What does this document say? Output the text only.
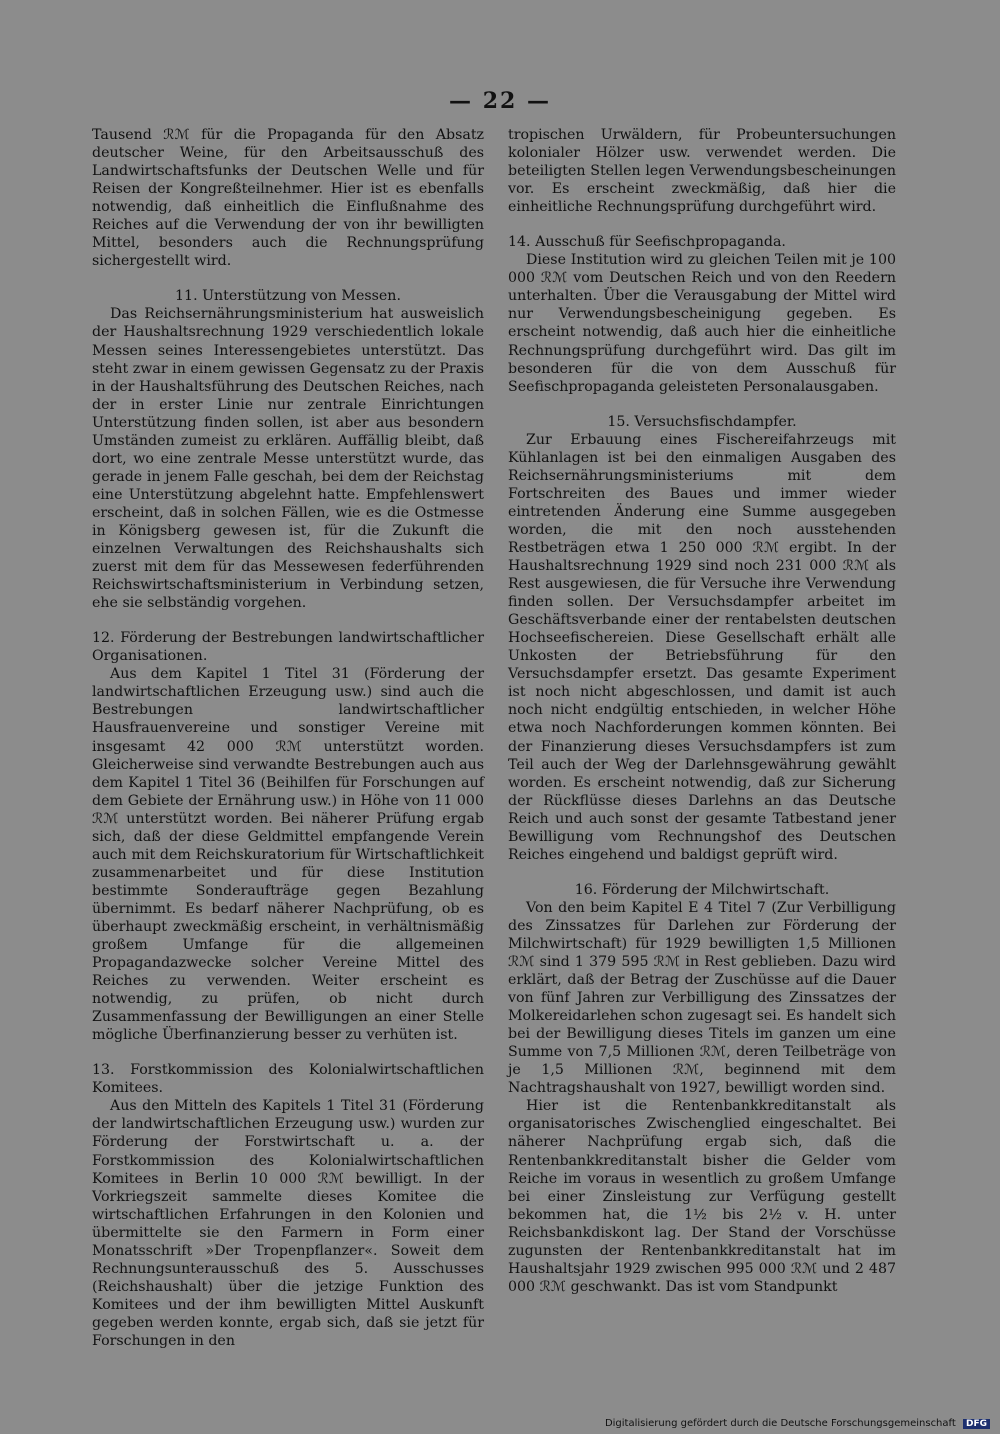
— 22 —

Tausend ℛℳ für die Propaganda für den Absatz deutscher Weine, für den Arbeitsausschuß des Landwirtschaftsfunks der Deutschen Welle und für Reisen der Kongreßteilnehmer. Hier ist es ebenfalls notwendig, daß einheitlich die Einflußnahme des Reiches auf die Verwendung der von ihr bewilligten Mittel, besonders auch die Rechnungsprüfung sichergestellt wird.

11. Unterstützung von Messen.

Das Reichsernährungsministerium hat ausweislich der Haushaltsrechnung 1929 verschiedentlich lokale Messen seines Interessengebietes unterstützt. Das steht zwar in einem gewissen Gegensatz zu der Praxis in der Haushaltsführung des Deutschen Reiches, nach der in erster Linie nur zentrale Einrichtungen Unterstützung finden sollen, ist aber aus besondern Umständen zumeist zu erklären. Auffällig bleibt, daß dort, wo eine zentrale Messe unterstützt wurde, das gerade in jenem Falle geschah, bei dem der Reichstag eine Unterstützung abgelehnt hatte. Empfehlenswert erscheint, daß in solchen Fällen, wie es die Ostmesse in Königsberg gewesen ist, für die Zukunft die einzelnen Verwaltungen des Reichshaushalts sich zuerst mit dem für das Messewesen federführenden Reichswirtschaftsministerium in Verbindung setzen, ehe sie selbständig vorgehen.

12. Förderung der Bestrebungen landwirtschaftlicher Organisationen.

Aus dem Kapitel 1 Titel 31 (Förderung der landwirtschaftlichen Erzeugung usw.) sind auch die Bestrebungen landwirtschaftlicher Hausfrauenvereine und sonstiger Vereine mit insgesamt 42 000 ℛℳ unterstützt worden. Gleicherweise sind verwandte Bestrebungen auch aus dem Kapitel 1 Titel 36 (Beihilfen für Forschungen auf dem Gebiete der Ernährung usw.) in Höhe von 11 000 ℛℳ unterstützt worden. Bei näherer Prüfung ergab sich, daß der diese Geldmittel empfangende Verein auch mit dem Reichskuratorium für Wirtschaftlichkeit zusammenarbeitet und für diese Institution bestimmte Sonderaufträge gegen Bezahlung übernimmt. Es bedarf näherer Nachprüfung, ob es überhaupt zweckmäßig erscheint, in verhältnismäßig großem Umfange für die allgemeinen Propagandazwecke solcher Vereine Mittel des Reiches zu verwenden. Weiter erscheint es notwendig, zu prüfen, ob nicht durch Zusammenfassung der Bewilligungen an einer Stelle mögliche Überfinanzierung besser zu verhüten ist.

13. Forstkommission des Kolonialwirtschaftlichen Komitees.

Aus den Mitteln des Kapitels 1 Titel 31 (Förderung der landwirtschaftlichen Erzeugung usw.) wurden zur Förderung der Forstwirtschaft u. a. der Forstkommission des Kolonialwirtschaftlichen Komitees in Berlin 10 000 ℛℳ bewilligt. In der Vorkriegszeit sammelte dieses Komitee die wirtschaftlichen Erfahrungen in den Kolonien und übermittelte sie den Farmern in Form einer Monatsschrift »Der Tropenpflanzer«. Soweit dem Rechnungsunterausschuß des 5. Ausschusses (Reichshaushalt) über die jetzige Funktion des Komitees und der ihm bewilligten Mittel Auskunft gegeben werden konnte, ergab sich, daß sie jetzt für Forschungen in den

tropischen Urwäldern, für Probeuntersuchungen kolonialer Hölzer usw. verwendet werden. Die beteiligten Stellen legen Verwendungsbescheinungen vor. Es erscheint zweckmäßig, daß hier die einheitliche Rechnungsprüfung durchgeführt wird.

14. Ausschuß für Seefischpropaganda.

Diese Institution wird zu gleichen Teilen mit je 100 000 ℛℳ vom Deutschen Reich und von den Reedern unterhalten. Über die Verausgabung der Mittel wird nur Verwendungsbescheinigung gegeben. Es erscheint notwendig, daß auch hier die einheitliche Rechnungsprüfung durchgeführt wird. Das gilt im besonderen für die von dem Ausschuß für Seefischpropaganda geleisteten Personalausgaben.

15. Versuchsfischdampfer.

Zur Erbauung eines Fischereifahrzeugs mit Kühlanlagen ist bei den einmaligen Ausgaben des Reichsernährungsministeriums mit dem Fortschreiten des Baues und immer wieder eintretenden Änderung eine Summe ausgegeben worden, die mit den noch ausstehenden Restbeträgen etwa 1 250 000 ℛℳ ergibt. In der Haushaltsrechnung 1929 sind noch 231 000 ℛℳ als Rest ausgewiesen, die für Versuche ihre Verwendung finden sollen. Der Versuchsdampfer arbeitet im Geschäftsverbande einer der rentabelsten deutschen Hochseefischereien. Diese Gesellschaft erhält alle Unkosten der Betriebsführung für den Versuchsdampfer ersetzt. Das gesamte Experiment ist noch nicht abgeschlossen, und damit ist auch noch nicht endgültig entschieden, in welcher Höhe etwa noch Nachforderungen kommen könnten. Bei der Finanzierung dieses Versuchsdampfers ist zum Teil auch der Weg der Darlehnsgewährung gewählt worden. Es erscheint notwendig, daß zur Sicherung der Rückflüsse dieses Darlehns an das Deutsche Reich und auch sonst der gesamte Tatbestand jener Bewilligung vom Rechnungshof des Deutschen Reiches eingehend und baldigst geprüft wird.

16. Förderung der Milchwirtschaft.

Von den beim Kapitel E 4 Titel 7 (Zur Verbilligung des Zinssatzes für Darlehen zur Förderung der Milchwirtschaft) für 1929 bewilligten 1,5 Millionen ℛℳ sind 1 379 595 ℛℳ in Rest geblieben. Dazu wird erklärt, daß der Betrag der Zuschüsse auf die Dauer von fünf Jahren zur Verbilligung des Zinssatzes der Molkereidarlehen schon zugesagt sei. Es handelt sich bei der Bewilligung dieses Titels im ganzen um eine Summe von 7,5 Millionen ℛℳ, deren Teilbeträge von je 1,5 Millionen ℛℳ, beginnend mit dem Nachtragshaushalt von 1927, bewilligt worden sind.

Hier ist die Rentenbankkreditanstalt als organisatorisches Zwischenglied eingeschaltet. Bei näherer Nachprüfung ergab sich, daß die Rentenbankkreditanstalt bisher die Gelder vom Reiche im voraus in wesentlich zu großem Umfange bei einer Zinsleistung zur Verfügung gestellt bekommen hat, die 1½ bis 2½ v. H. unter Reichsbankdiskont lag. Der Stand der Vorschüsse zugunsten der Rentenbankkreditanstalt hat im Haushaltsjahr 1929 zwischen 995 000 ℛℳ und 2 487 000 ℛℳ geschwankt. Das ist vom Standpunkt

Digitalisierung gefördert durch die Deutsche Forschungsgemeinschaft DFG
